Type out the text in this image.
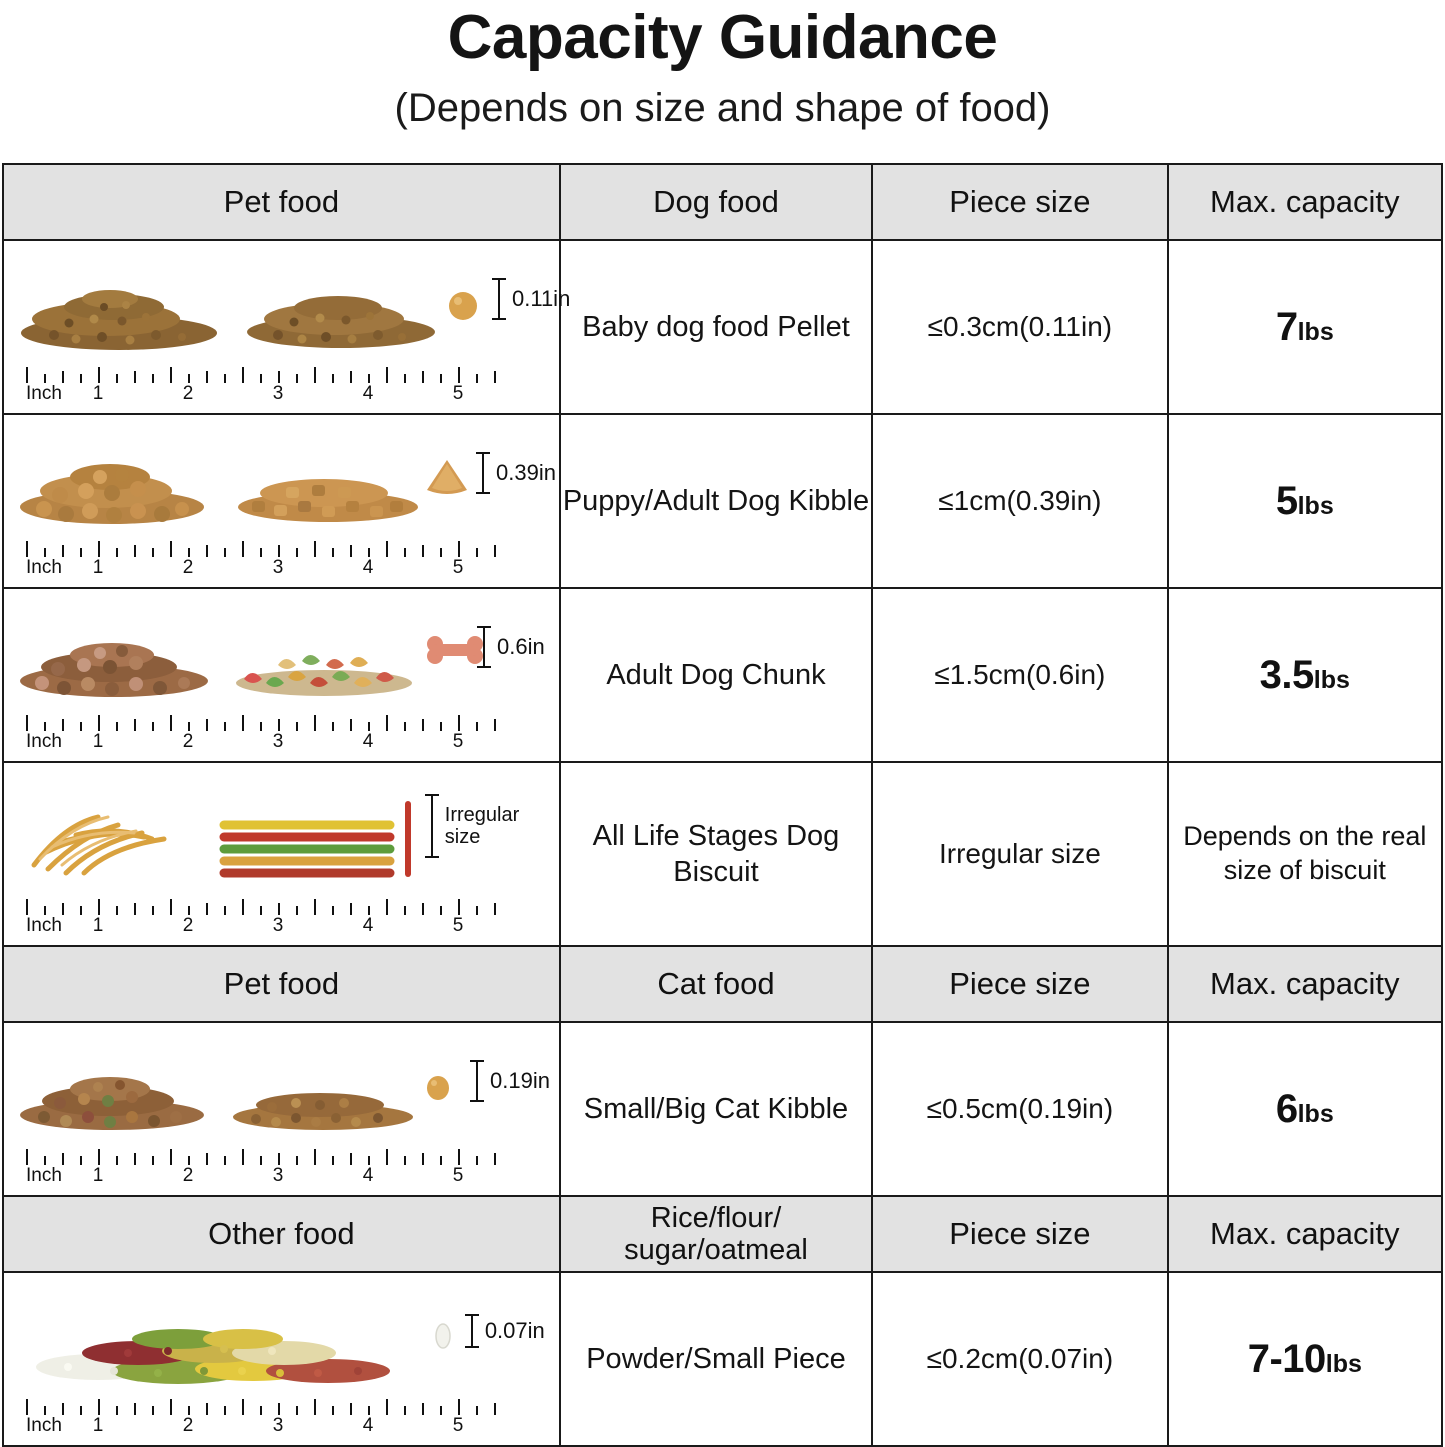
Capacity Guidance
(Depends on size and shape of food)
Pet food	Dog food	Piece size	Max. capacity

0.11in
Inch 1	2	3	4	5
	Baby dog food Pellet	≤0.3cm(0.11in)	7lbs

0.39in
Inch 1	2	3	4	5
	Puppy/Adult Dog Kibble	≤1cm(0.39in)	5lbs

0.6in
Inch 1	2	3	4	5
	Adult Dog Chunk	≤1.5cm(0.6in)	3.5lbs

Irregular size
Inch 1	2	3	4	5
	All Life Stages Dog Biscuit	Irregular size	Depends on the real size of biscuit
Pet food	Cat food	Piece size	Max. capacity

0.19in
Inch 1	2	3	4	5
	Small/Big Cat Kibble	≤0.5cm(0.19in)	6lbs
Other food	Rice/flour/ sugar/oatmeal	Piece size	Max. capacity

0.07in
Inch 1	2	3	4	5
	Powder/Small Piece	≤0.2cm(0.07in)	7-10lbs
